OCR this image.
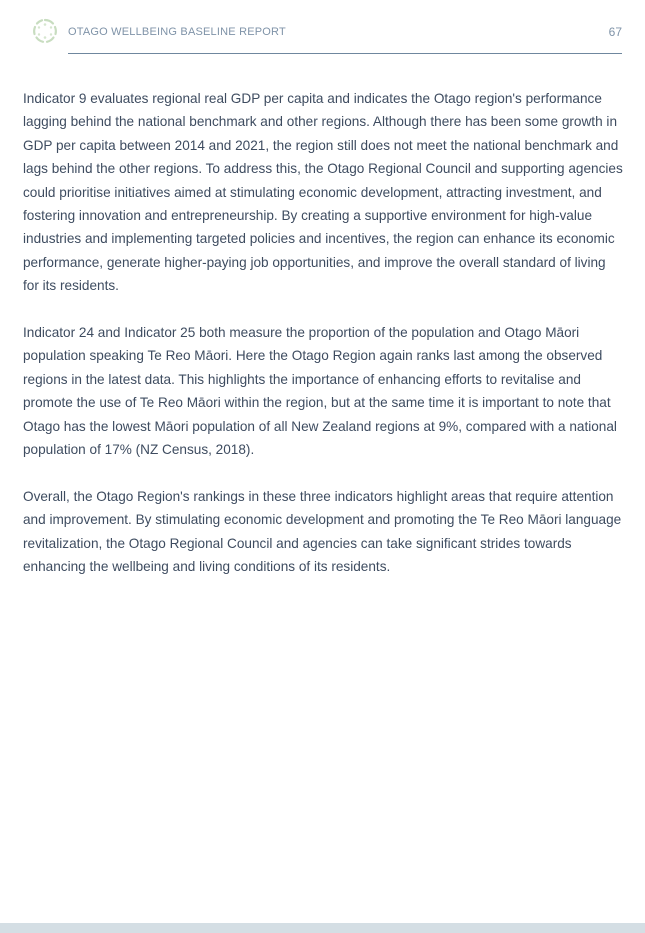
OTAGO WELLBEING BASELINE REPORT	67

Indicator 9 evaluates regional real GDP per capita and indicates the Otago region's performance lagging behind the national benchmark and other regions. Although there has been some growth in GDP per capita between 2014 and 2021, the region still does not meet the national benchmark and lags behind the other regions. To address this, the Otago Regional Council and supporting agencies could prioritise initiatives aimed at stimulating economic development, attracting investment, and fostering innovation and entrepreneurship. By creating a supportive environment for high-value industries and implementing targeted policies and incentives, the region can enhance its economic performance, generate higher-paying job opportunities, and improve the overall standard of living for its residents.

Indicator 24 and Indicator 25 both measure the proportion of the population and Otago Māori population speaking Te Reo Māori. Here the Otago Region again ranks last among the observed regions in the latest data. This highlights the importance of enhancing efforts to revitalise and promote the use of Te Reo Māori within the region, but at the same time it is important to note that Otago has the lowest Māori population of all New Zealand regions at 9%, compared with a national population of 17% (NZ Census, 2018).

Overall, the Otago Region's rankings in these three indicators highlight areas that require attention and improvement. By stimulating economic development and promoting the Te Reo Māori language revitalization, the Otago Regional Council and agencies can take significant strides towards enhancing the wellbeing and living conditions of its residents.
